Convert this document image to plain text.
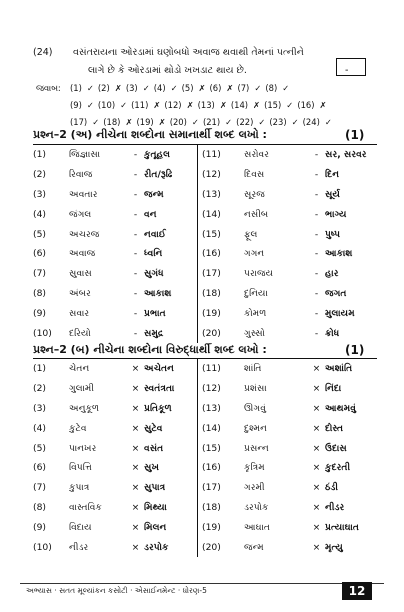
(24) વસંતરાયના ઓરડામાં ઘણોબધો અવાજ થવાથી તેમનાં પત્નીને
લાગે છે કે ઓરડામાં થોડો ખખડાટ થાય છે.	-
જવાબ: (1) ✓ (2) ✗ (3) ✓ (4) ✓ (5) ✗ (6) ✗ (7) ✓ (8) ✓
(9) ✓ (10) ✓ (11) ✗ (12) ✗ (13) ✗ (14) ✗ (15) ✓ (16) ✗
(17) ✓ (18) ✗ (19) ✗ (20) ✓ (21) ✓ (22) ✓ (23) ✓ (24) ✓
પ્રશ્ન–2 (અ) નીચેના શબ્દોના સમાનાર્થી શબ્દ લખો :	(1)
(1)	જિજ્ઞાસા	-	કુતૂહલ	(11)	સરોવર	-	સર, સરવર
(2)	રિવાજ	-	રીત/રૂઢિ	(12)	દિવસ	-	દિન
(3)	અવતાર	-	જન્મ	(13)	સૂરજ	-	સૂર્ય
(4)	જંગલ	-	વન	(14)	નસીબ	-	ભાગ્ય
(5)	અચરજ	-	નવાઈ	(15)	ફૂલ	-	પુષ્પ
(6)	અવાજ	-	ધ્વનિ	(16)	ગગન	-	આકાશ
(7)	સુવાસ	-	સુગંધ	(17)	પરાજય	-	હાર
(8)	અંબર	-	આકાશ	(18)	દુનિયા	-	જગત
(9)	સવાર	-	પ્રભાત	(19)	કોમળ	-	મુલાયમ
(10)	દરિયો	-	સમુદ્ર	(20)	ગુસ્સો	-	ક્રોધ
પ્રશ્ન–2 (બ) નીચેના શબ્દોના વિરુદ્ધાર્થી શબ્દ લખો :	(1)
(1)	ચેતન	×	અચેતન	(11)	શાંતિ	×	અશાંતિ
(2)	ગુલામી	×	સ્વતંત્રતા	(12)	પ્રશંસા	×	નિંદા
(3)	અનુકૂળ	×	પ્રતિકૂળ	(13)	ઊગવું	×	આથમવું
(4)	કુટેવ	×	સુટેવ	(14)	દુશ્મન	×	દોસ્ત
(5)	પાનખર	×	વસંત	(15)	પ્રસન્ન	×	ઉદાસ
(6)	વિપત્તિ	×	સુખ	(16)	કૃત્રિમ	×	કુદરતી
(7)	કુપાત્ર	×	સુપાત્ર	(17)	ગરમી	×	ઠંડી
(8)	વાસ્તવિક	×	મિથ્યા	(18)	ડરપોક	×	નીડર
(9)	વિદાય	×	મિલન	(19)	આઘાત	×	પ્રત્યાઘાત
(10)	નીડર	×	ડરપોક	(20)	જન્મ	×	મૃત્યુ
અભ્યાસ · સતત મૂલ્યાંકન કસોટી · એસાઈનમેન્ટ · ધોરણ-5	12
